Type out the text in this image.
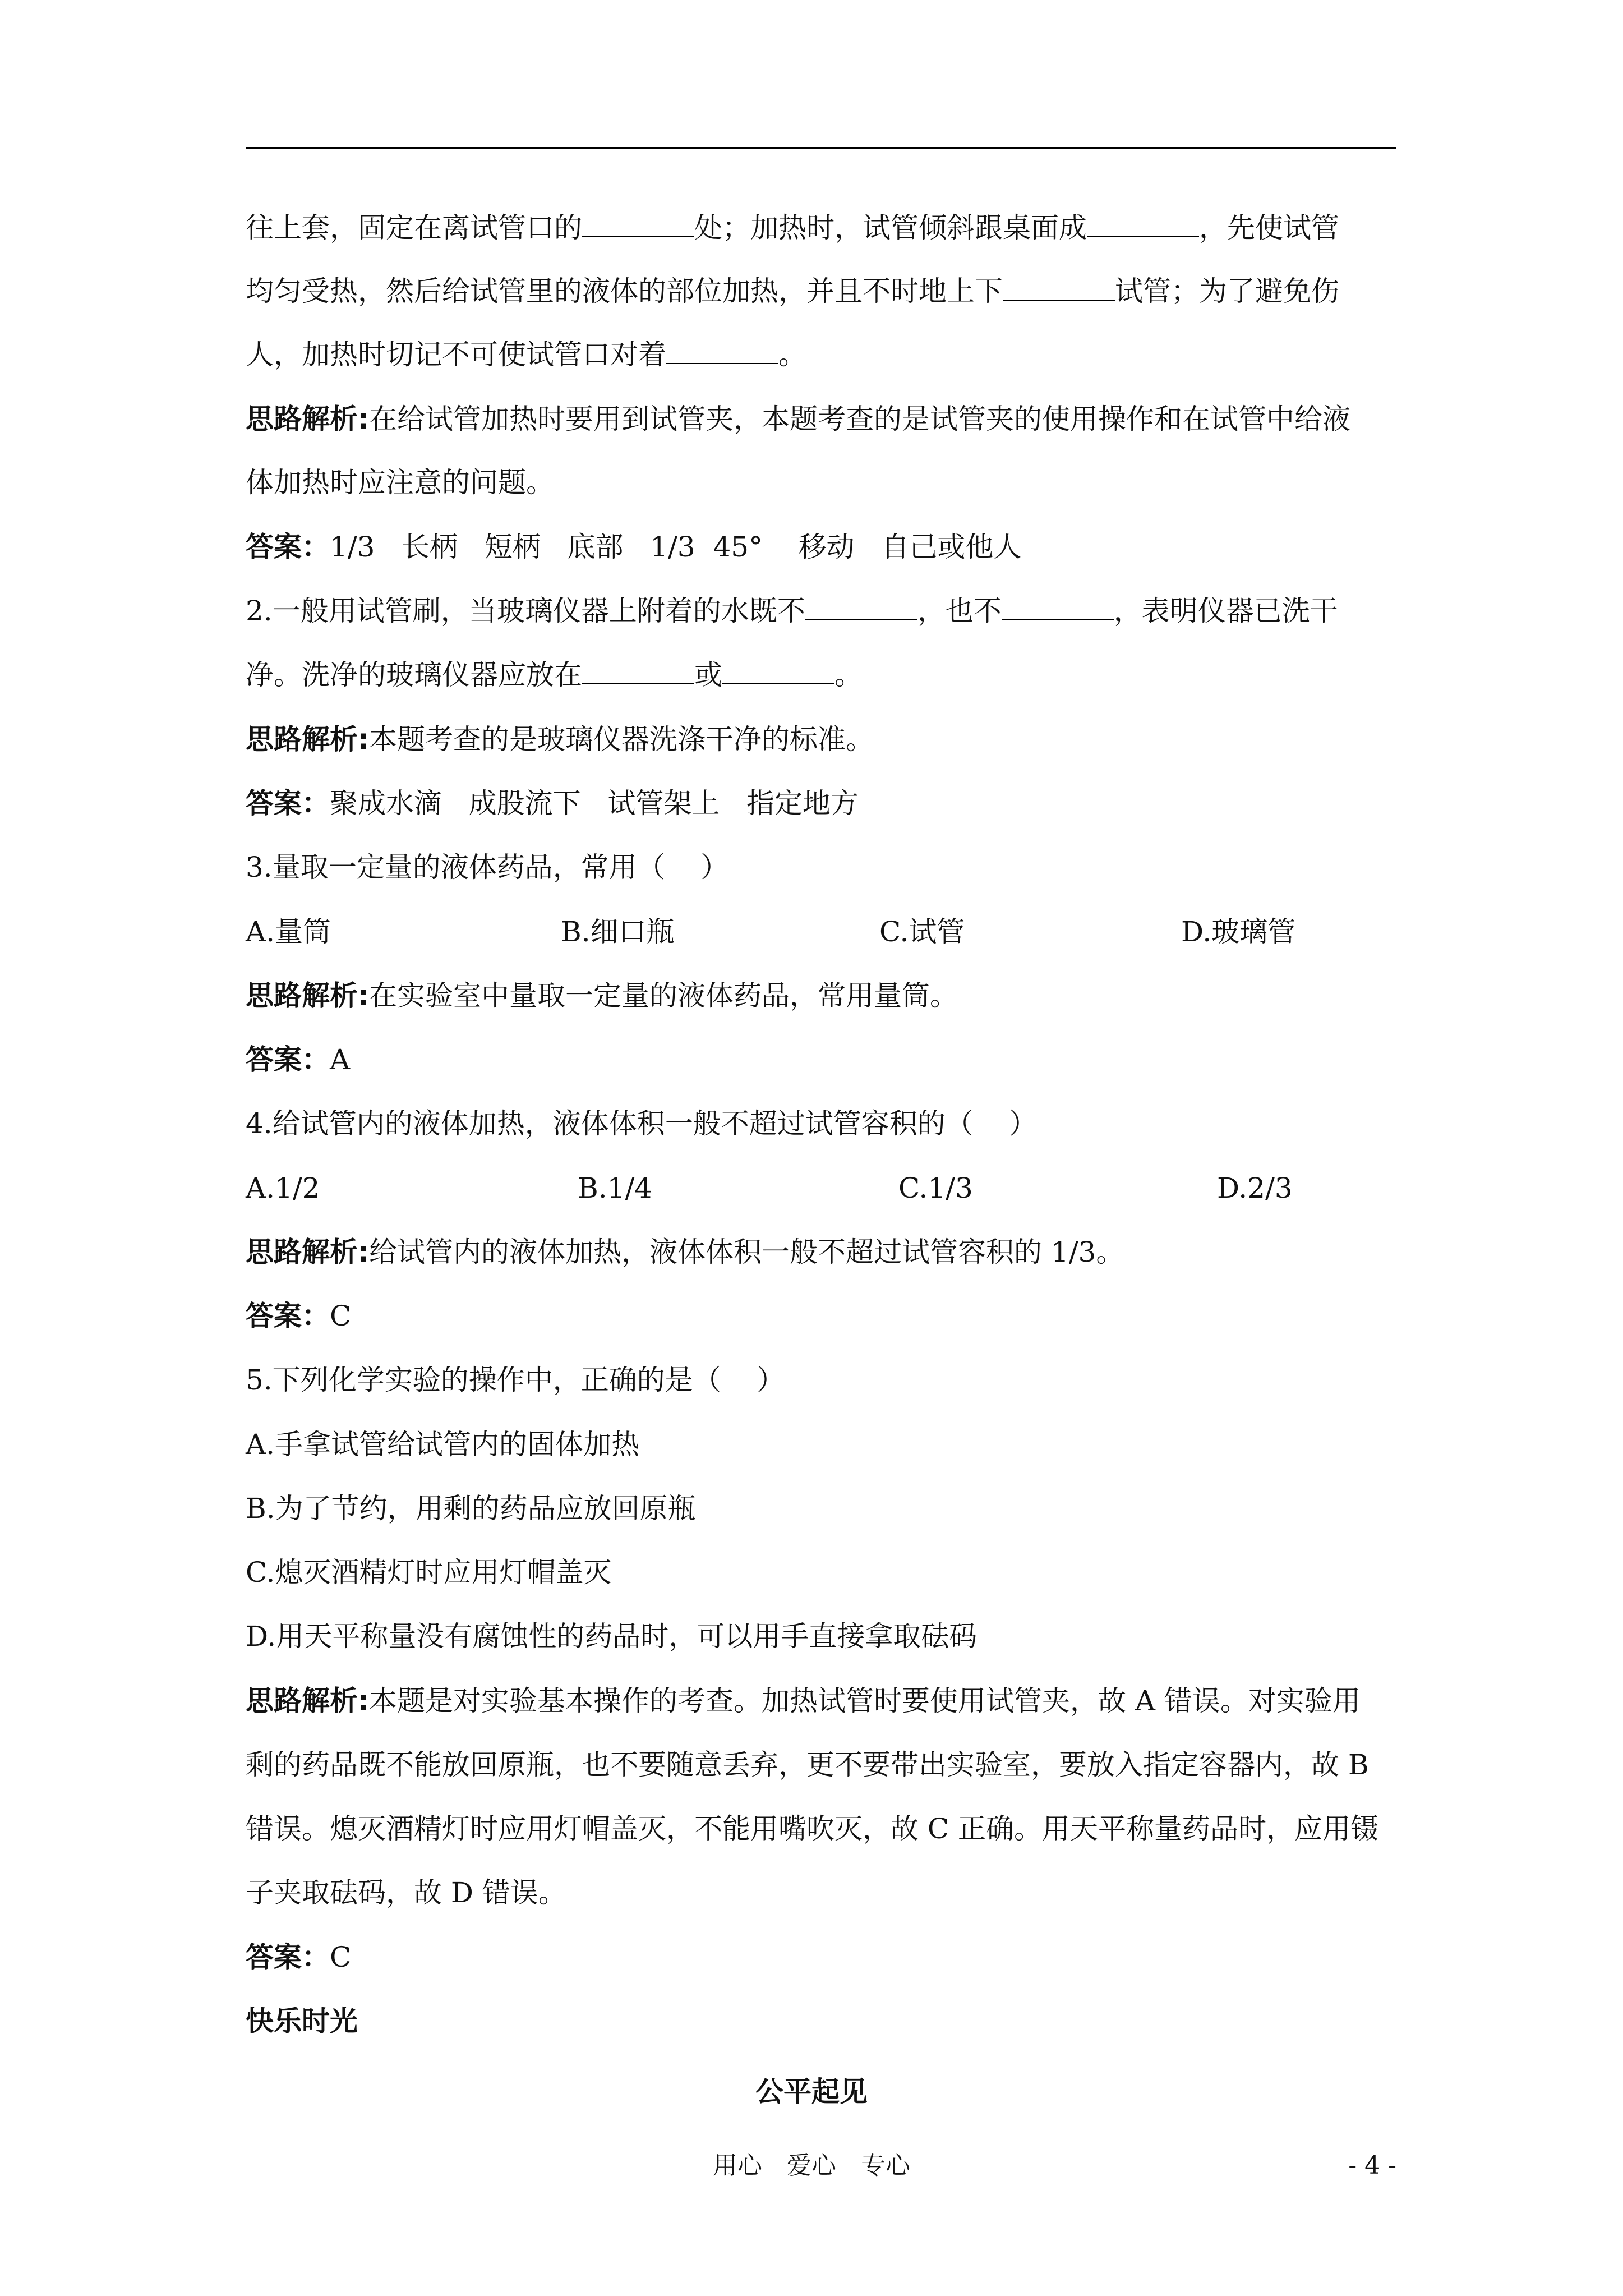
往上套，固定在离试管口的	处；加热时，试管倾斜跟桌面成	，先使试管
均匀受热，然后给试管里的液体的部位加热，并且不时地上下	试管；为了避免伤
人，加热时切记不可使试管口对着	。
思路解析:在给试管加热时要用到试管夹，本题考查的是试管夹的使用操作和在试管中给液
体加热时应注意的问题。
答案：1/3   长柄   短柄   底部   1/3  45°    移动   自己或他人
2.一般用试管刷，当玻璃仪器上附着的水既不	，也不	，表明仪器已洗干
净。洗净的玻璃仪器应放在	或	。
思路解析:本题考查的是玻璃仪器洗涤干净的标准。
答案：聚成水滴   成股流下   试管架上   指定地方
3.量取一定量的液体药品，常用（    ）
A.量筒	B.细口瓶	C.试管	D.玻璃管
思路解析:在实验室中量取一定量的液体药品，常用量筒。
答案：A
4.给试管内的液体加热，液体体积一般不超过试管容积的（    ）
A.1/2	B.1/4	C.1/3	D.2/3
思路解析:给试管内的液体加热，液体体积一般不超过试管容积的 1/3。
答案：C
5.下列化学实验的操作中，正确的是（    ）
A.手拿试管给试管内的固体加热
B.为了节约，用剩的药品应放回原瓶
C.熄灭酒精灯时应用灯帽盖灭
D.用天平称量没有腐蚀性的药品时，可以用手直接拿取砝码
思路解析:本题是对实验基本操作的考查。加热试管时要使用试管夹，故 A 错误。对实验用
剩的药品既不能放回原瓶，也不要随意丢弃，更不要带出实验室，要放入指定容器内，故 B
错误。熄灭酒精灯时应用灯帽盖灭，不能用嘴吹灭，故 C 正确。用天平称量药品时，应用镊
子夹取砝码，故 D 错误。
答案：C
快乐时光
公平起见
用心 爱心 专心	- 4 -
